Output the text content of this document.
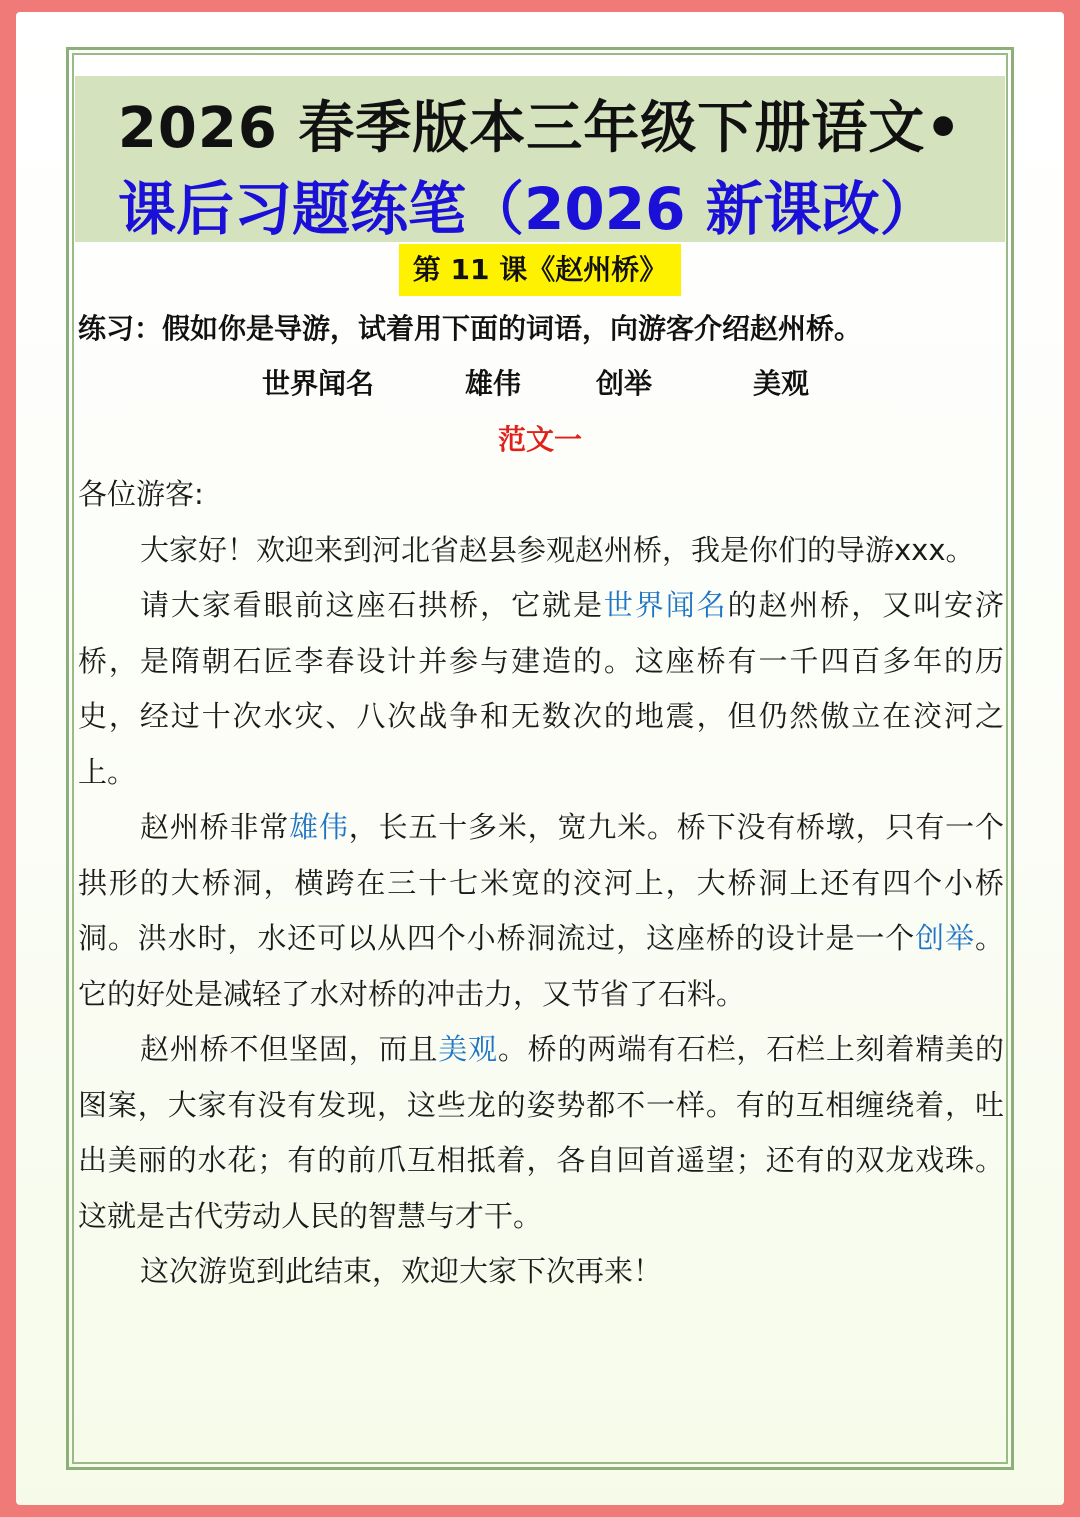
2026 春季版本三年级下册语文•
课后习题练笔（2026 新课改）
第 11 课《赵州桥》
练习：假如你是导游，试着用下面的词语，向游客介绍赵州桥。
世界闻名	雄伟	创举	美观
范文一

各位游客:

大家好！欢迎来到河北省赵县参观赵州桥，我是你们的导游xxx。

请大家看眼前这座石拱桥，它就是世界闻名的赵州桥，又叫安济桥，是隋朝石匠李春设计并参与建造的。这座桥有一千四百多年的历史，经过十次水灾、八次战争和无数次的地震，但仍然傲立在洨河之上。

赵州桥非常雄伟，长五十多米，宽九米。桥下没有桥墩，只有一个拱形的大桥洞，横跨在三十七米宽的洨河上，大桥洞上还有四个小桥洞。洪水时，水还可以从四个小桥洞流过，这座桥的设计是一个创举。它的好处是减轻了水对桥的冲击力，又节省了石料。

赵州桥不但坚固，而且美观。桥的两端有石栏，石栏上刻着精美的图案，大家有没有发现，这些龙的姿势都不一样。有的互相缠绕着，吐出美丽的水花；有的前爪互相抵着，各自回首遥望；还有的双龙戏珠。这就是古代劳动人民的智慧与才干。

这次游览到此结束，欢迎大家下次再来！
